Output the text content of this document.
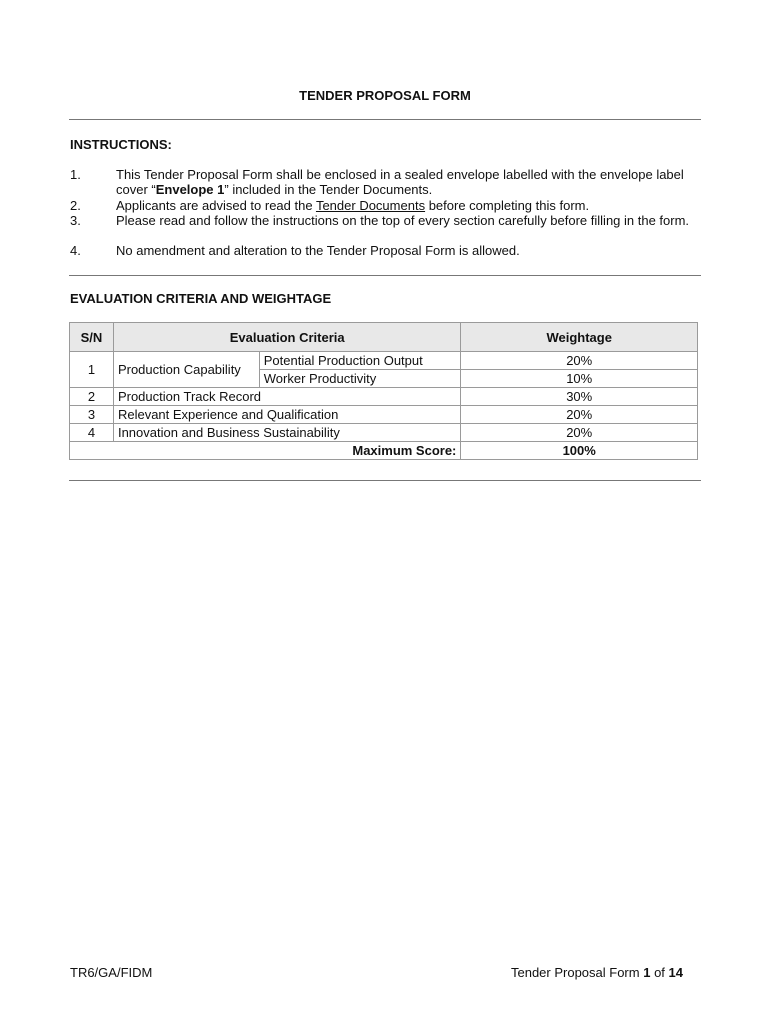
TENDER PROPOSAL FORM
INSTRUCTIONS:
1.	This Tender Proposal Form shall be enclosed in a sealed envelope labelled with the envelope label cover “Envelope 1” included in the Tender Documents.
2.	Applicants are advised to read the Tender Documents before completing this form.
3.	Please read and follow the instructions on the top of every section carefully before filling in the form.
4.	No amendment and alteration to the Tender Proposal Form is allowed.
EVALUATION CRITERIA AND WEIGHTAGE
S/N	Evaluation Criteria		Weightage
1	Production Capability	Potential Production Output	20%
		Worker Productivity	10%
2	Production Track Record		30%
3	Relevant Experience and Qualification		20%
4	Innovation and Business Sustainability		20%
Maximum Score:			100%
TR6/GA/FIDM	Tender Proposal Form 1 of 14
